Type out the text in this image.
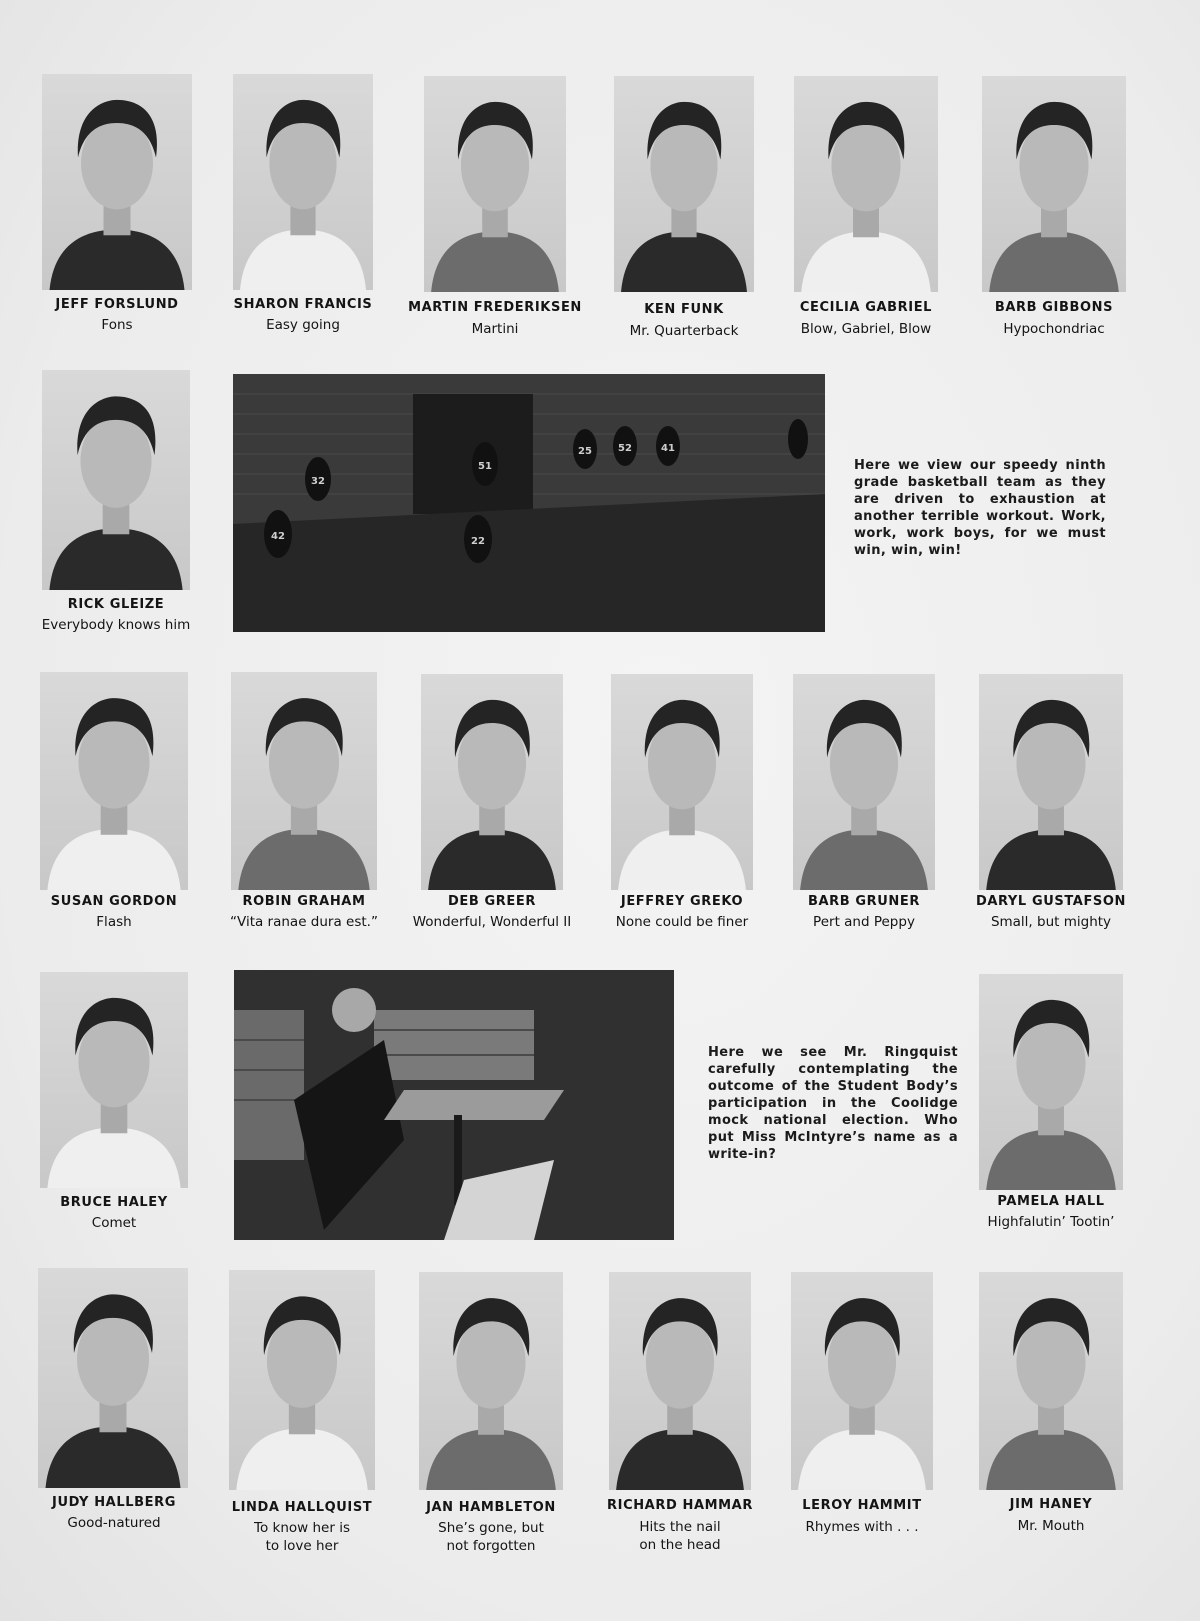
JEFF FORSLUND
Fons
SHARON FRANCIS
Easy going
MARTIN FREDERIKSEN
Martini
KEN FUNK
Mr. Quarterback
CECILIA GABRIEL
Blow, Gabriel, Blow
BARB GIBBONS
Hypochondriac
RICK GLEIZE
Everybody knows him
32
51
42	22
25	52	41
Here we view our speedy ninth grade basketball team as they are driven to exhaustion at another terrible workout. Work, work, work boys, for we must win, win, win!
SUSAN GORDON
Flash
ROBIN GRAHAM
“Vita ranae dura est.”
DEB GREER
Wonderful, Wonderful II
JEFFREY GREKO
None could be finer
BARB GRUNER
Pert and Peppy
DARYL GUSTAFSON
Small, but mighty
BRUCE HALEY
Comet
Here we see Mr. Ringquist carefully contemplating the outcome of the Student Body’s participation in the Coolidge mock national election. Who put Miss McIntyre’s name as a write-in?
PAMELA HALL
Highfalutin’ Tootin’
JUDY HALLBERG
Good-natured
LINDA HALLQUIST
To know her is
to love her
JAN HAMBLETON
She’s gone, but
not forgotten
RICHARD HAMMAR
Hits the nail
on the head
LEROY HAMMIT
Rhymes with . . .
JIM HANEY
Mr. Mouth
